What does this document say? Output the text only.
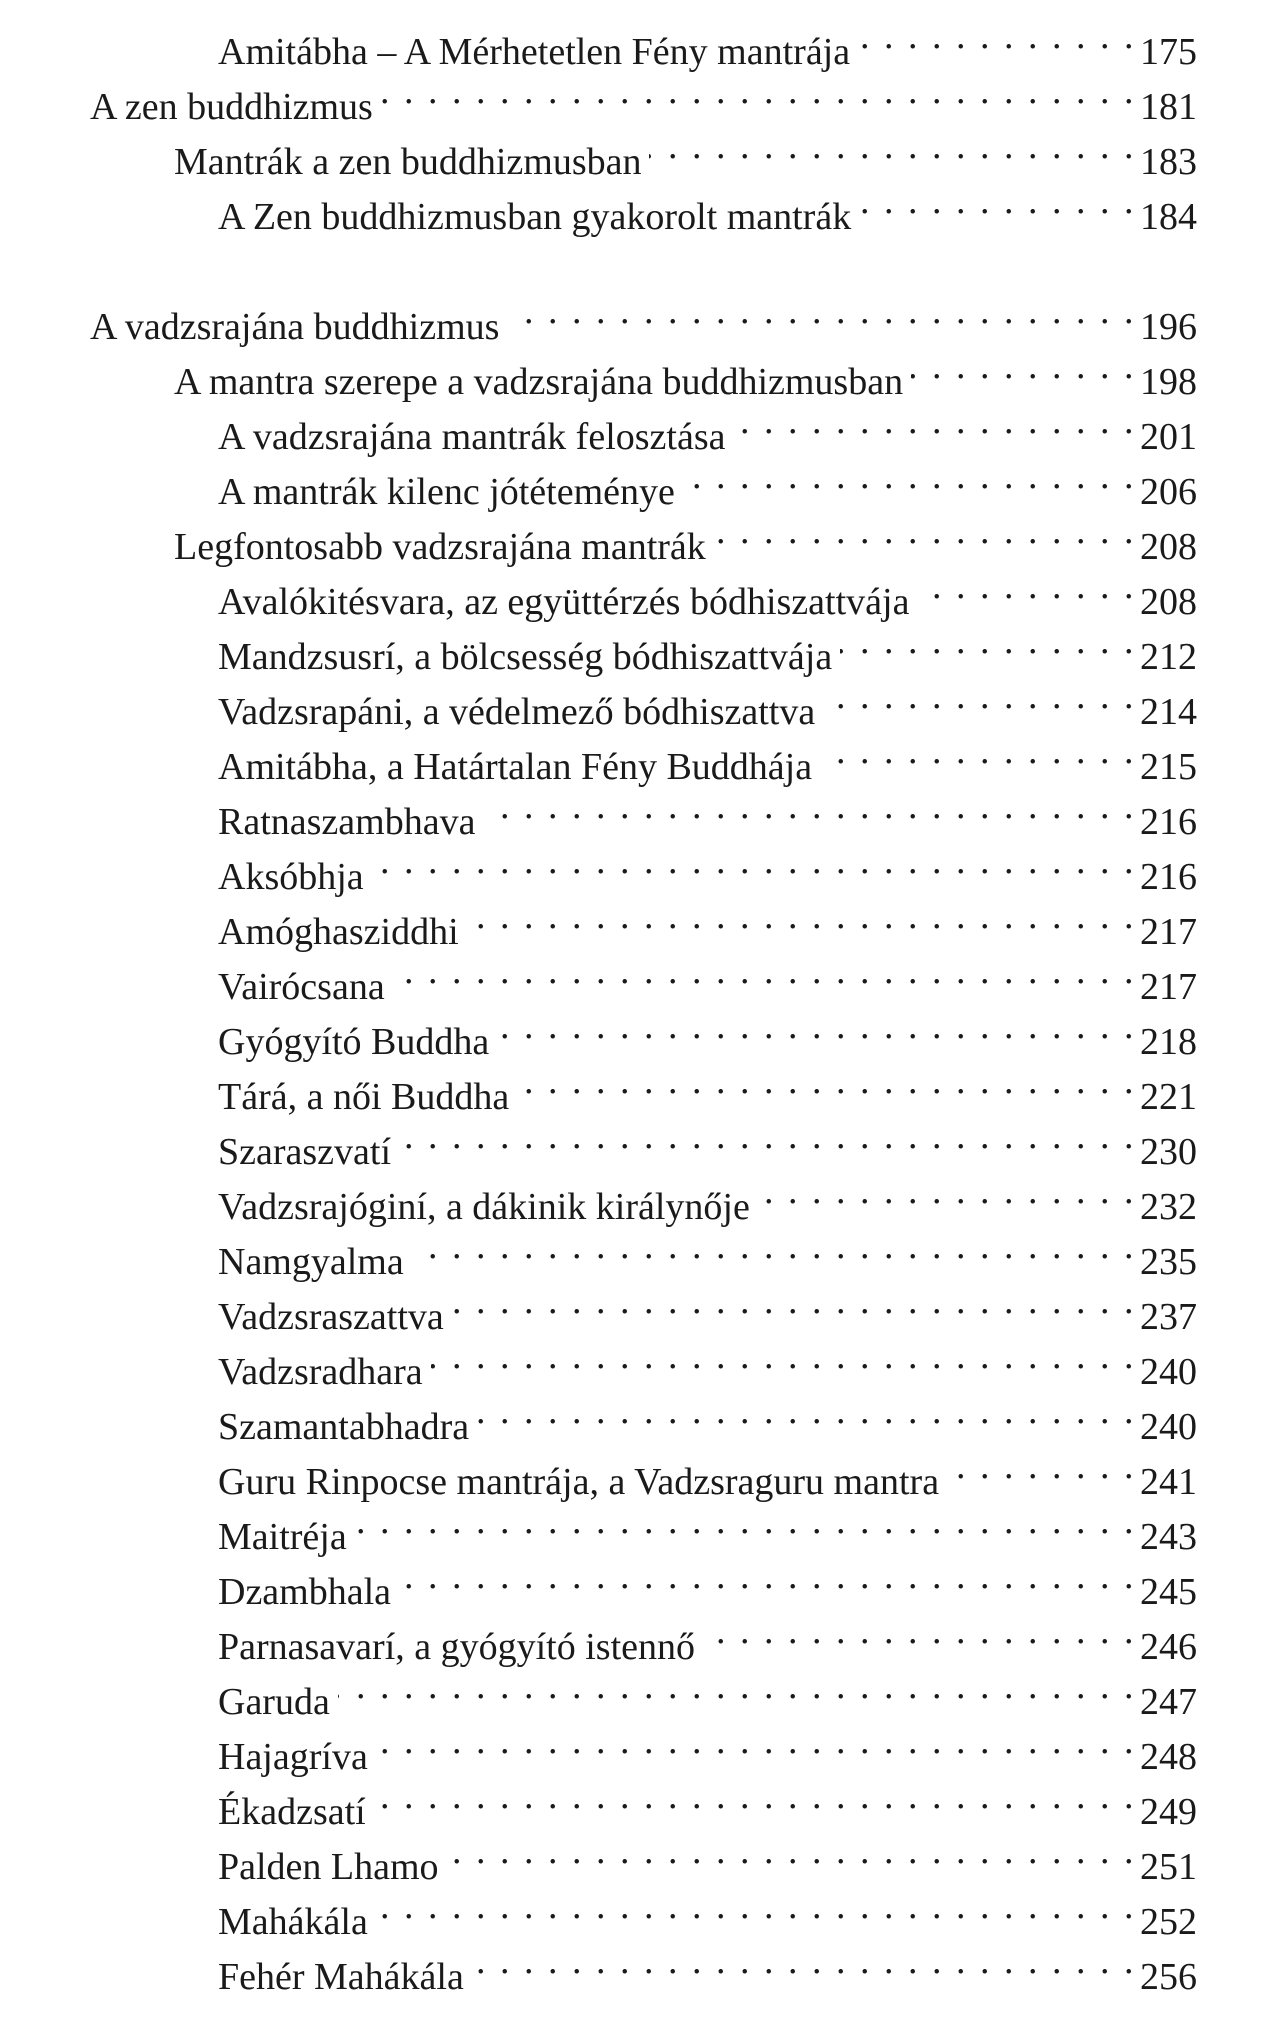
Amitábha – A Mérhetetlen Fény mantrája . . .	175
A zen buddhizmus . . .	181
Mantrák a zen buddhizmusban . . .	183
A Zen buddhizmusban gyakorolt mantrák . . .	184
A vadzsrajána buddhizmus . . .	196
A mantra szerepe a vadzsrajána buddhizmusban . . .	198
A vadzsrajána mantrák felosztása . . .	201
A mantrák kilenc jótéteménye . . .	206
Legfontosabb vadzsrajána mantrák . . .	208
Avalókitésvara, az együttérzés bódhiszattvája . . .	208
Mandzsusrí, a bölcsesség bódhiszattvája . . .	212
Vadzsrapáni, a védelmező bódhiszattva . . .	214
Amitábha, a Határtalan Fény Buddhája . . .	215
Ratnaszambhava . . .	216
Aksóbhja . . .	216
Amóghasziddhi . . .	217
Vairócsana . . .	217
Gyógyító Buddha . . .	218
Tárá, a női Buddha . . .	221
Szaraszvatí . . .	230
Vadzsrajóginí, a dákinik királynője . . .	232
Namgyalma . . .	235
Vadzsraszattva . . .	237
Vadzsradhara . . .	240
Szamantabhadra . . .	240
Guru Rinpocse mantrája, a Vadzsraguru mantra . . .	241
Maitréja . . .	243
Dzambhala . . .	245
Parnasavarí, a gyógyító istennő . . .	246
Garuda . . .	247
Hajagríva . . .	248
Ékadzsatí . . .	249
Palden Lhamo . . .	251
Mahákála . . .	252
Fehér Mahákála . . .	256
